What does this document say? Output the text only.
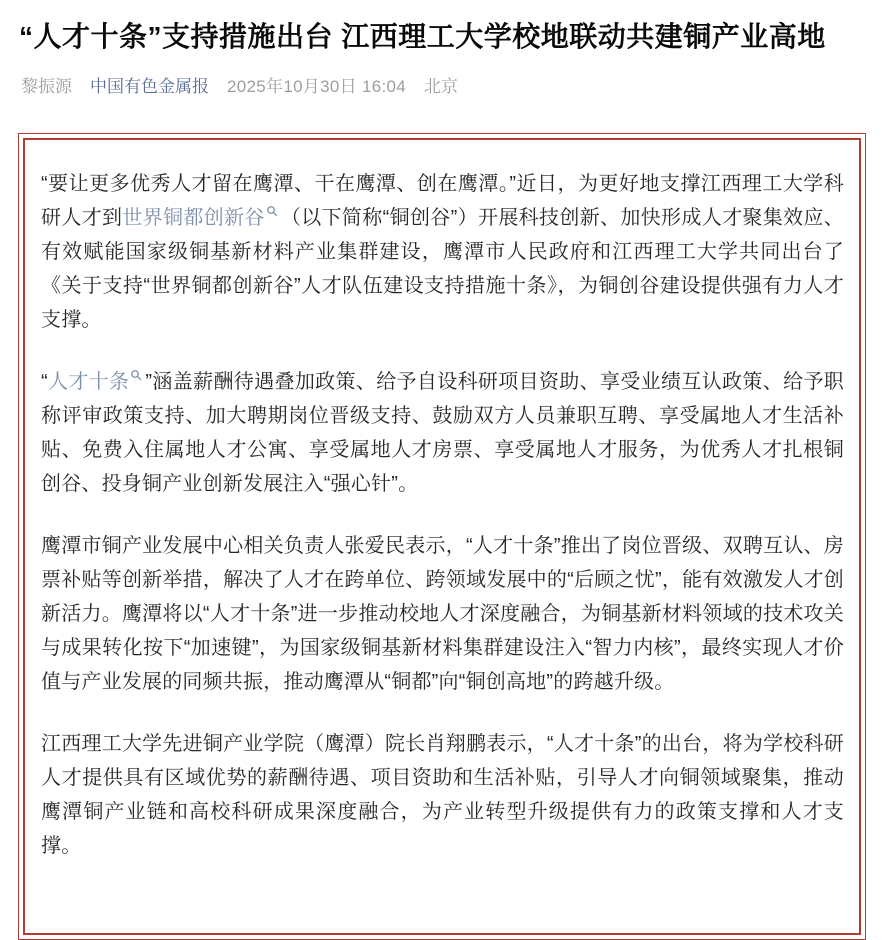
“人才十条”支持措施出台 江西理工大学校地联动共建铜产业高地
黎振源 中国有色金属报 2025年10月30日 16:04 北京

“要让更多优秀人才留在鹰潭、干在鹰潭、创在鹰潭。”近日，为更好地支撑江西理工大学科研人才到世界铜都创新谷 （以下简称“铜创谷”）开展科技创新、加快形成人才聚集效应、有效赋能国家级铜基新材料产业集群建设，鹰潭市人民政府和江西理工大学共同出台了《关于支持“世界铜都创新谷”人才队伍建设支持措施十条》，为铜创谷建设提供强有力人才支撑。

“人才十条 ”涵盖薪酬待遇叠加政策、给予自设科研项目资助、享受业绩互认政策、给予职称评审政策支持、加大聘期岗位晋级支持、鼓励双方人员兼职互聘、享受属地人才生活补贴、免费入住属地人才公寓、享受属地人才房票、享受属地人才服务，为优秀人才扎根铜创谷、投身铜产业创新发展注入“强心针”。

鹰潭市铜产业发展中心相关负责人张爱民表示，“人才十条”推出了岗位晋级、双聘互认、房票补贴等创新举措，解决了人才在跨单位、跨领域发展中的“后顾之忧”，能有效激发人才创新活力。鹰潭将以“人才十条”进一步推动校地人才深度融合，为铜基新材料领域的技术攻关与成果转化按下“加速键”，为国家级铜基新材料集群建设注入“智力内核”，最终实现人才价值与产业发展的同频共振，推动鹰潭从“铜都”向“铜创高地”的跨越升级。

江西理工大学先进铜产业学院（鹰潭）院长肖翔鹏表示，“人才十条”的出台，将为学校科研人才提供具有区域优势的薪酬待遇、项目资助和生活补贴，引导人才向铜领域聚集，推动鹰潭铜产业链和高校科研成果深度融合，为产业转型升级提供有力的政策支撑和人才支撑。
